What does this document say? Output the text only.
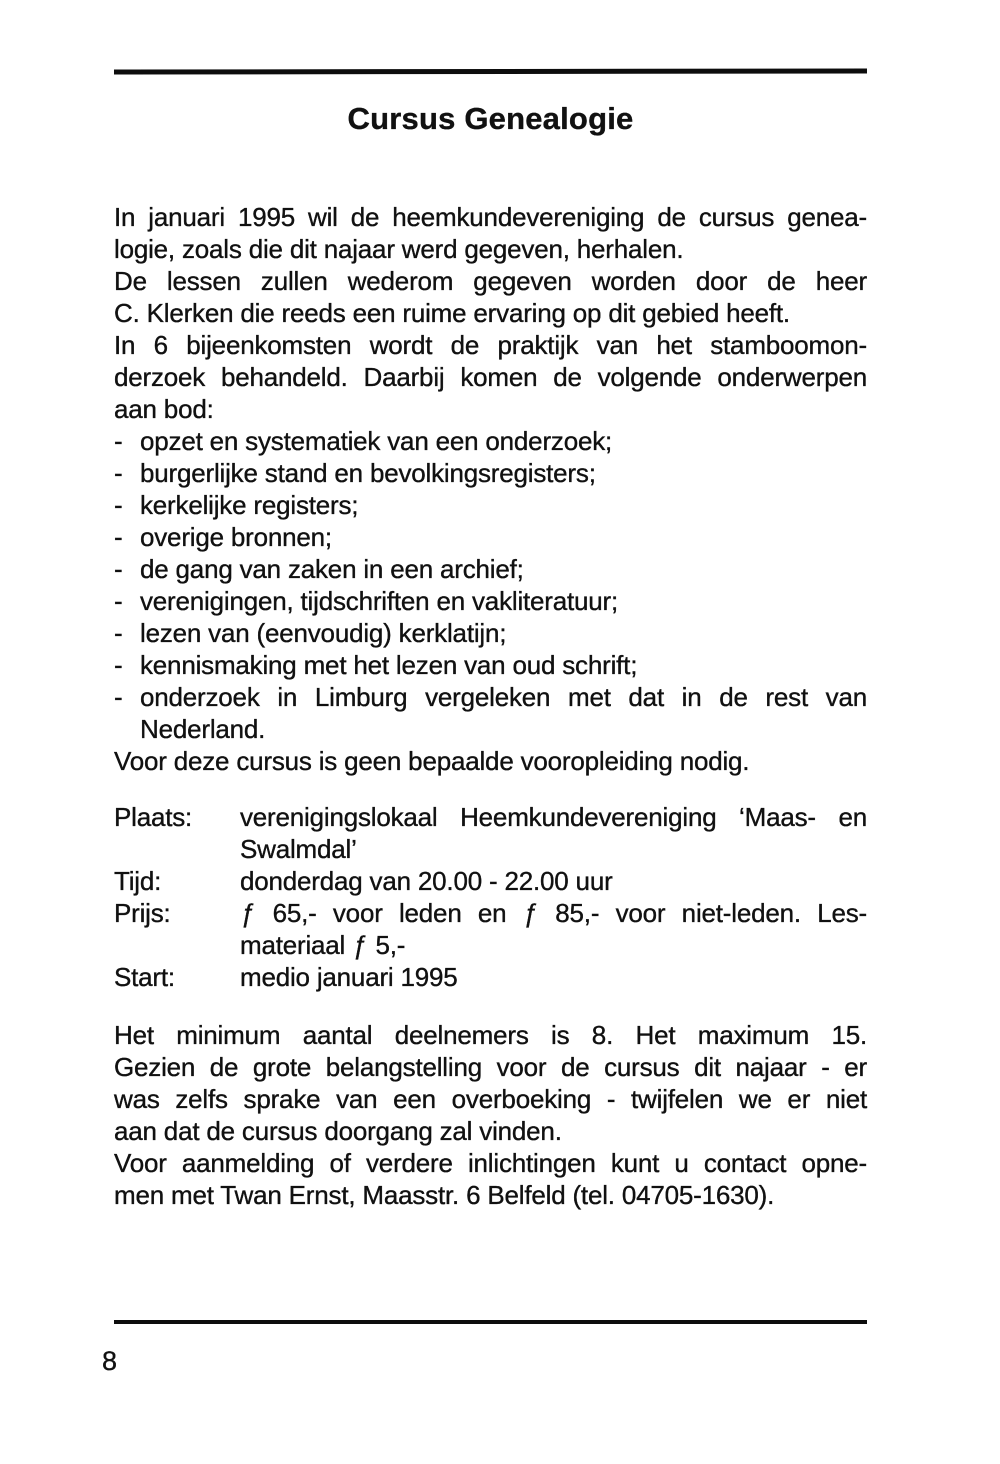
Cursus Genealogie
In januari 1995 wil de heemkundevereniging de cursus genea-
logie, zoals die dit najaar werd gegeven, herhalen.
De lessen zullen wederom gegeven worden door de heer
C. Klerken die reeds een ruime ervaring op dit gebied heeft.
In 6 bijeenkomsten wordt de praktijk van het stamboomon-
derzoek behandeld. Daarbij komen de volgende onderwerpen
aan bod:
- opzet en systematiek van een onderzoek;
- burgerlijke stand en bevolkingsregisters;
- kerkelijke registers;
- overige bronnen;
- de gang van zaken in een archief;
- verenigingen, tijdschriften en vakliteratuur;
- lezen van (eenvoudig) kerklatijn;
- kennismaking met het lezen van oud schrift;
- onderzoek in Limburg vergeleken met dat in de rest van
Nederland.
Voor deze cursus is geen bepaalde vooropleiding nodig.
Plaats:	verenigingslokaal Heemkundevereniging ‘Maas- en
Swalmdal’
Tijd:	donderdag van 20.00 - 22.00 uur
Prijs:	ƒ 65,- voor leden en ƒ 85,- voor niet-leden. Les-
materiaal ƒ 5,-
Start:	medio januari 1995
Het minimum aantal deelnemers is 8. Het maximum 15.
Gezien de grote belangstelling voor de cursus dit najaar - er
was zelfs sprake van een overboeking - twijfelen we er niet
aan dat de cursus doorgang zal vinden.
Voor aanmelding of verdere inlichtingen kunt u contact opne-
men met Twan Ernst, Maasstr. 6 Belfeld (tel. 04705-1630).
8
